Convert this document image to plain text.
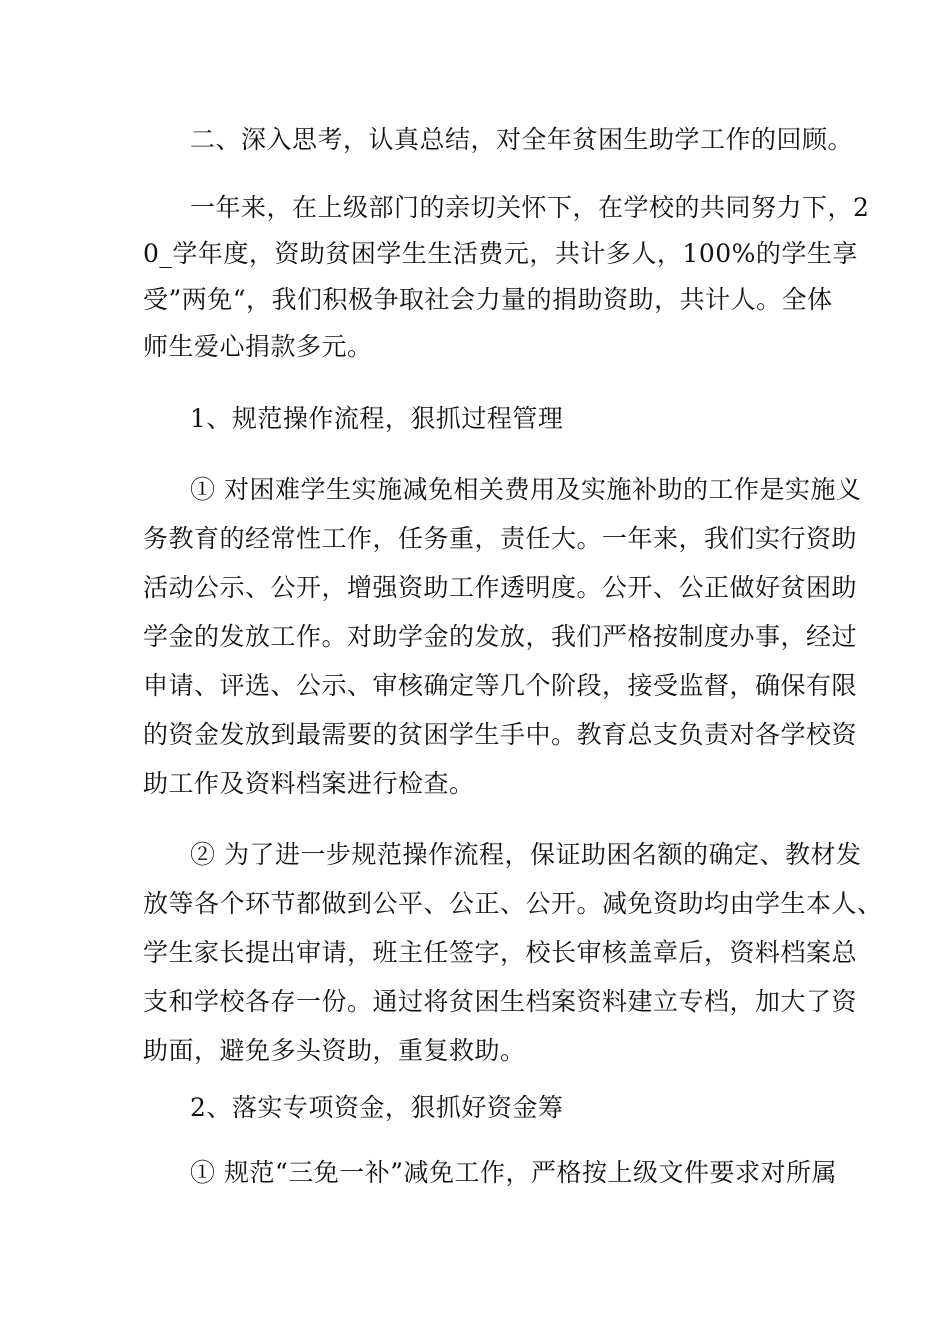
二、深入思考，认真总结，对全年贫困生助学工作的回顾。
一年来，在上级部门的亲切关怀下，在学校的共同努力下，2
0_学年度，资助贫困学生生活费元，共计多人，100%的学生享
受”两免“，我们积极争取社会力量的捐助资助，共计人。全体
师生爱心捐款多元。
1、规范操作流程，狠抓过程管理
① 对困难学生实施减免相关费用及实施补助的工作是实施义
务教育的经常性工作，任务重，责任大。一年来，我们实行资助
活动公示、公开，增强资助工作透明度。公开、公正做好贫困助
学金的发放工作。对助学金的发放，我们严格按制度办事，经过
申请、评选、公示、审核确定等几个阶段，接受监督，确保有限
的资金发放到最需要的贫困学生手中。教育总支负责对各学校资
助工作及资料档案进行检查。
② 为了进一步规范操作流程，保证助困名额的确定、教材发
放等各个环节都做到公平、公正、公开。减免资助均由学生本人、
学生家长提出审请，班主任签字，校长审核盖章后，资料档案总
支和学校各存一份。通过将贫困生档案资料建立专档，加大了资
助面，避免多头资助，重复救助。
2、落实专项资金，狠抓好资金筹
① 规范“三免一补”减免工作，严格按上级文件要求对所属
